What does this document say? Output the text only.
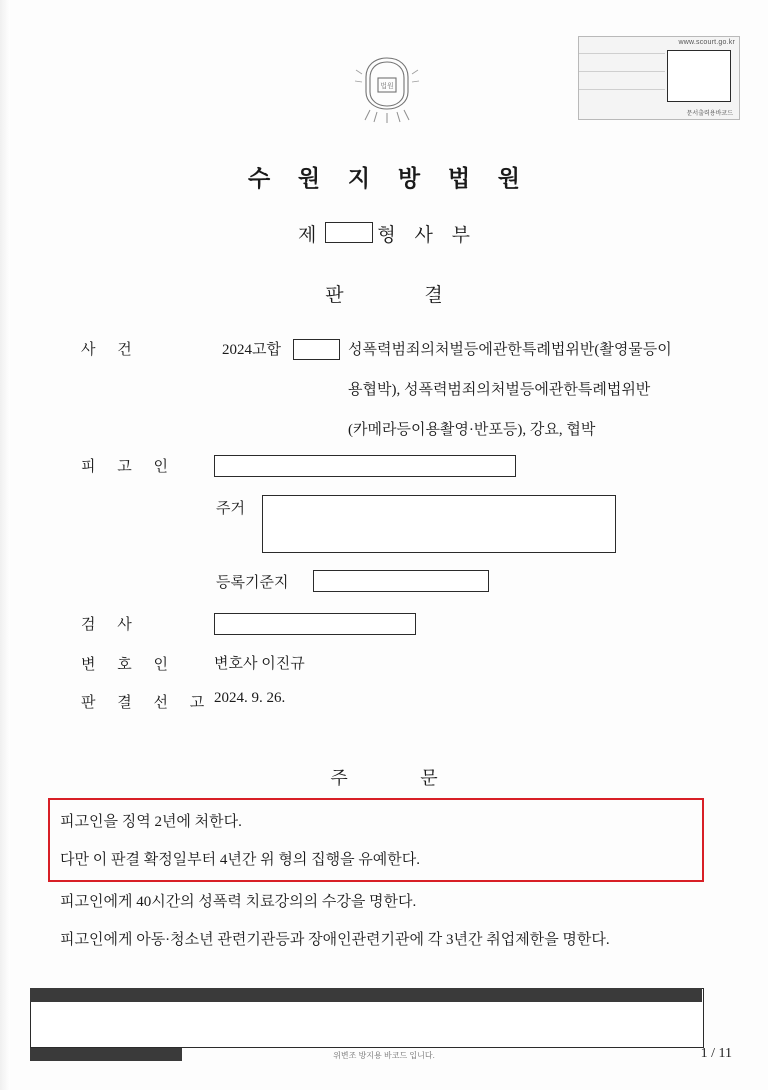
www.scourt.go.kr
문서출력용바코드
법원
수 원 지 방 법 원
제	형 사 부
판 결
사 건	2024고합	성폭력범죄의처벌등에관한특례법위반(촬영물등이
용협박), 성폭력범죄의처벌등에관한특례법위반
(카메라등이용촬영·반포등), 강요, 협박
피 고 인
주거
등록기준지
검 사
변 호 인 변호사 이진규
판 결 선 고 2024. 9. 26.
주 문
피고인을 징역 2년에 처한다.
다만 이 판결 확정일부터 4년간 위 형의 집행을 유예한다.
피고인에게 40시간의 성폭력 치료강의의 수강을 명한다.
피고인에게 아동·청소년 관련기관등과 장애인관련기관에 각 3년간 취업제한을 명한다.
위변조 방지용 바코드 입니다.	1 / 11
